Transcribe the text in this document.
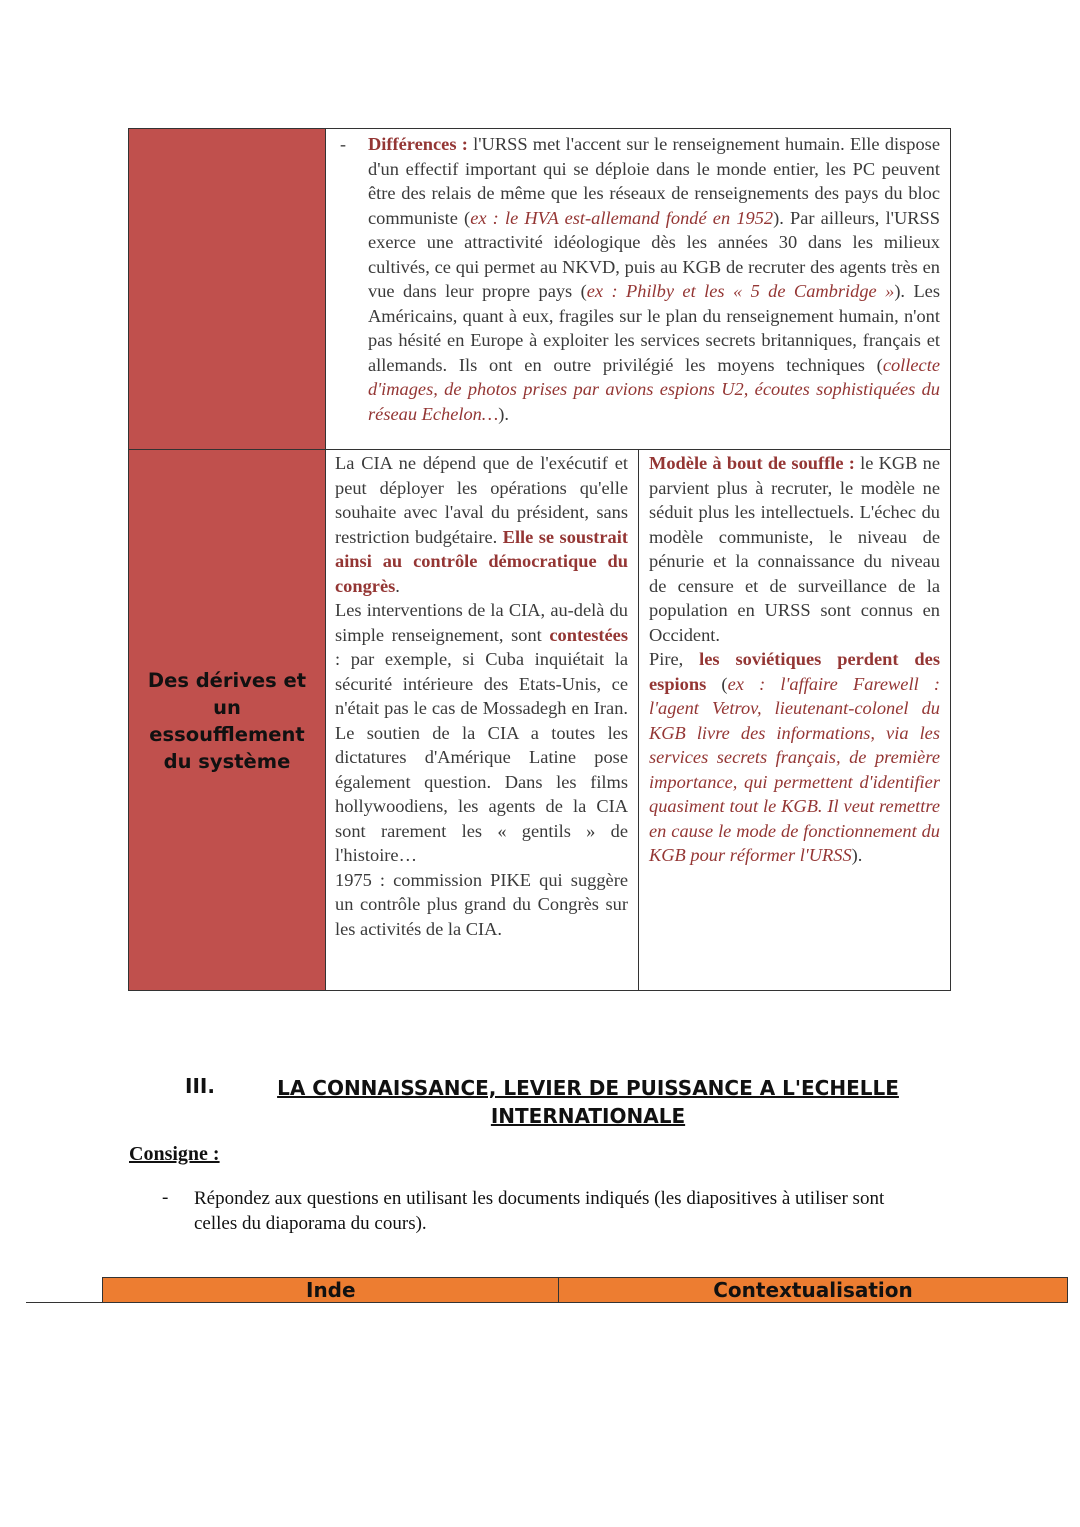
- Différences : l'URSS met l'accent sur le renseignement humain. Elle dispose d'un effectif important qui se déploie dans le monde entier, les PC peuvent être des relais de même que les réseaux de renseignements des pays du bloc communiste (ex : le HVA est-allemand fondé en 1952). Par ailleurs, l'URSS exerce une attractivité idéologique dès les années 30 dans les milieux cultivés, ce qui permet au NKVD, puis au KGB de recruter des agents très en vue dans leur propre pays (ex : Philby et les « 5 de Cambridge »). Les Américains, quant à eux, fragiles sur le plan du renseignement humain, n'ont pas hésité en Europe à exploiter les services secrets britanniques, français et allemands. Ils ont en outre privilégié les moyens techniques (collecte d'images, de photos prises par avions espions U2, écoutes sophistiquées du réseau Echelon…).
Des dérives et un essoufflement du système
La CIA ne dépend que de l'exécutif et peut déployer les opérations qu'elle souhaite avec l'aval du président, sans restriction budgétaire. Elle se soustrait ainsi au contrôle démocratique du congrès.
Les interventions de la CIA, au-delà du simple renseignement, sont contestées : par exemple, si Cuba inquiétait la sécurité intérieure des Etats-Unis, ce n'était pas le cas de Mossadegh en Iran. Le soutien de la CIA a toutes les dictatures d'Amérique Latine pose également question. Dans les films hollywoodiens, les agents de la CIA sont rarement les « gentils » de l'histoire…
1975 : commission PIKE qui suggère un contrôle plus grand du Congrès sur les activités de la CIA.
Modèle à bout de souffle : le KGB ne parvient plus à recruter, le modèle ne séduit plus les intellectuels. L'échec du modèle communiste, le niveau de pénurie et la connaissance du niveau de censure et de surveillance de la population en URSS sont connus en Occident.
Pire, les soviétiques perdent des espions (ex : l'affaire Farewell : l'agent Vetrov, lieutenant-colonel du KGB livre des informations, via les services secrets français, de première importance, qui permettent d'identifier quasiment tout le KGB. Il veut remettre en cause le mode de fonctionnement du KGB pour réformer l'URSS).
III.	LA CONNAISSANCE, LEVIER DE PUISSANCE A L'ECHELLE
INTERNATIONALE
Consigne :
- Répondez aux questions en utilisant les documents indiqués (les diapositives à utiliser sont celles du diaporama du cours).
Inde	Contextualisation
